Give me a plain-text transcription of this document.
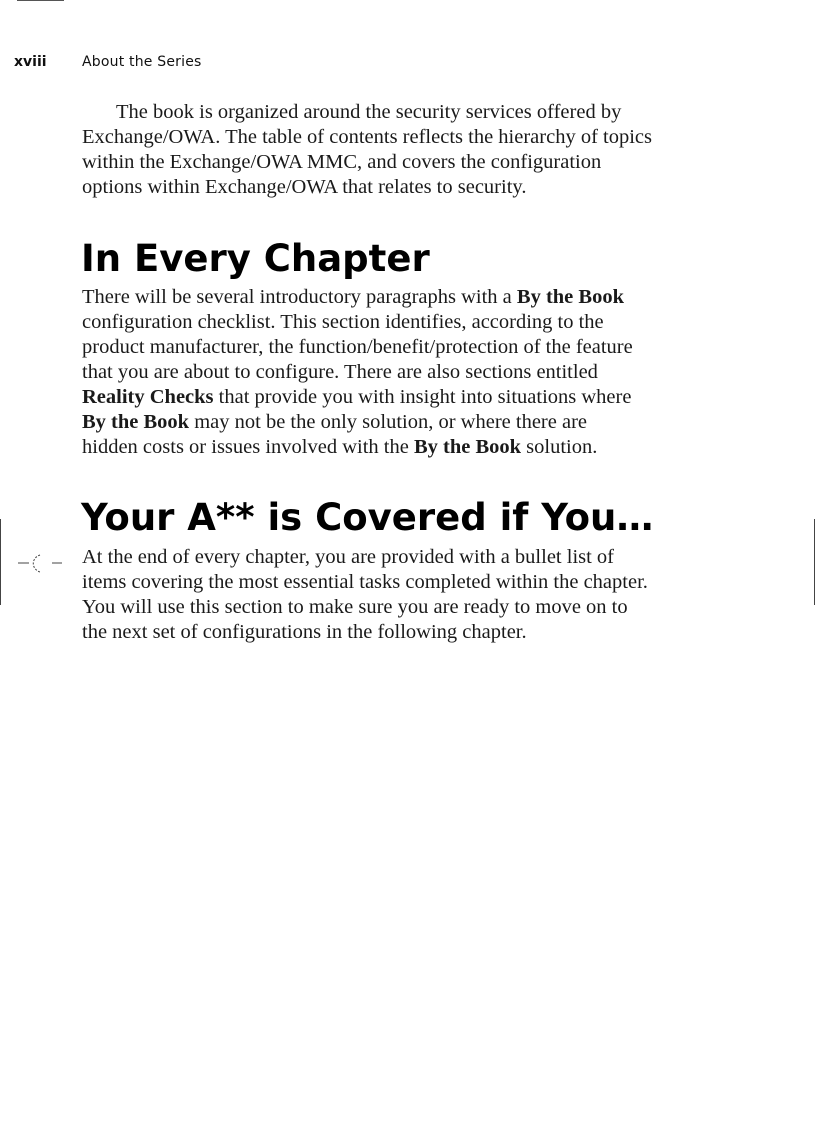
xviii	About the Series

The book is organized around the security services offered by
Exchange/OWA. The table of contents reflects the hierarchy of topics
within the Exchange/OWA MMC, and covers the configuration
options within Exchange/OWA that relates to security.

In Every Chapter

There will be several introductory paragraphs with a By the Book
configuration checklist. This section identifies, according to the
product manufacturer, the function/benefit/protection of the feature
that you are about to configure. There are also sections entitled
Reality Checks that provide you with insight into situations where
By the Book may not be the only solution, or where there are
hidden costs or issues involved with the By the Book solution.

Your A** is Covered if You…

At the end of every chapter, you are provided with a bullet list of
items covering the most essential tasks completed within the chapter.
You will use this section to make sure you are ready to move on to
the next set of configurations in the following chapter.
